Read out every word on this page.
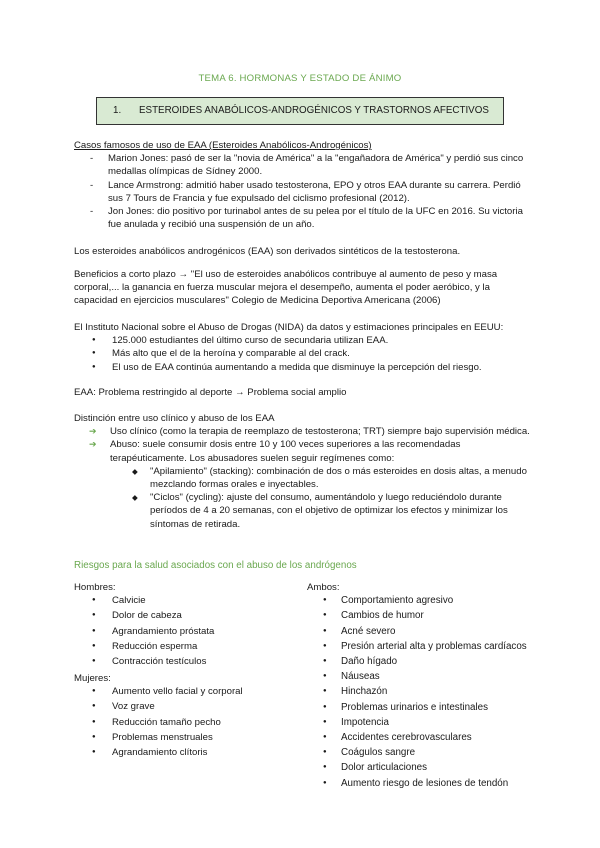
TEMA 6. HORMONAS Y ESTADO DE ÁNIMO
1.	ESTEROIDES ANABÓLICOS-ANDROGÉNICOS Y TRASTORNOS AFECTIVOS
Casos famosos de uso de EAA (Esteroides Anabólicos-Androgénicos)
- Marion Jones: pasó de ser la "novia de América" a la "engañadora de América" y perdió sus cinco medallas olímpicas de Sídney 2000.
- Lance Armstrong: admitió haber usado testosterona, EPO y otros EAA durante su carrera. Perdió sus 7 Tours de Francia y fue expulsado del ciclismo profesional (2012).
- Jon Jones: dio positivo por turinabol antes de su pelea por el título de la UFC en 2016. Su victoria fue anulada y recibió una suspensión de un año.
Los esteroides anabólicos androgénicos (EAA) son derivados sintéticos de la testosterona.
Beneficios a corto plazo → "El uso de esteroides anabólicos contribuye al aumento de peso y masa corporal,... la ganancia en fuerza muscular mejora el desempeño, aumenta el poder aeróbico, y la capacidad en ejercicios musculares" Colegio de Medicina Deportiva Americana (2006)
El Instituto Nacional sobre el Abuso de Drogas (NIDA) da datos y estimaciones principales en EEUU:
● 125.000 estudiantes del último curso de secundaria utilizan EAA.
● Más alto que el de la heroína y comparable al del crack.
● El uso de EAA continúa aumentando a medida que disminuye la percepción del riesgo.
EAA: Problema restringido al deporte → Problema social amplio
Distinción entre uso clínico y abuso de los EAA
➔ Uso clínico (como la terapia de reemplazo de testosterona; TRT) siempre bajo supervisión médica.
➔ Abuso: suele consumir dosis entre 10 y 100 veces superiores a las recomendadas terapéuticamente. Los abusadores suelen seguir regímenes como:
◆ "Apilamiento" (stacking): combinación de dos o más esteroides en dosis altas, a menudo mezclando formas orales e inyectables.
◆ "Ciclos" (cycling): ajuste del consumo, aumentándolo y luego reduciéndolo durante períodos de 4 a 20 semanas, con el objetivo de optimizar los efectos y minimizar los síntomas de retirada.
Riesgos para la salud asociados con el abuso de los andrógenos
Hombres:
● Calvicie
● Dolor de cabeza
● Agrandamiento próstata
● Reducción esperma
● Contracción testículos
Mujeres:
● Aumento vello facial y corporal
● Voz grave
● Reducción tamaño pecho
● Problemas menstruales
● Agrandamiento clítoris
Ambos:
● Comportamiento agresivo
● Cambios de humor
● Acné severo
● Presión arterial alta y problemas cardíacos
● Daño hígado
● Náuseas
● Hinchazón
● Problemas urinarios e intestinales
● Impotencia
● Accidentes cerebrovasculares
● Coágulos sangre
● Dolor articulaciones
● Aumento riesgo de lesiones de tendón
